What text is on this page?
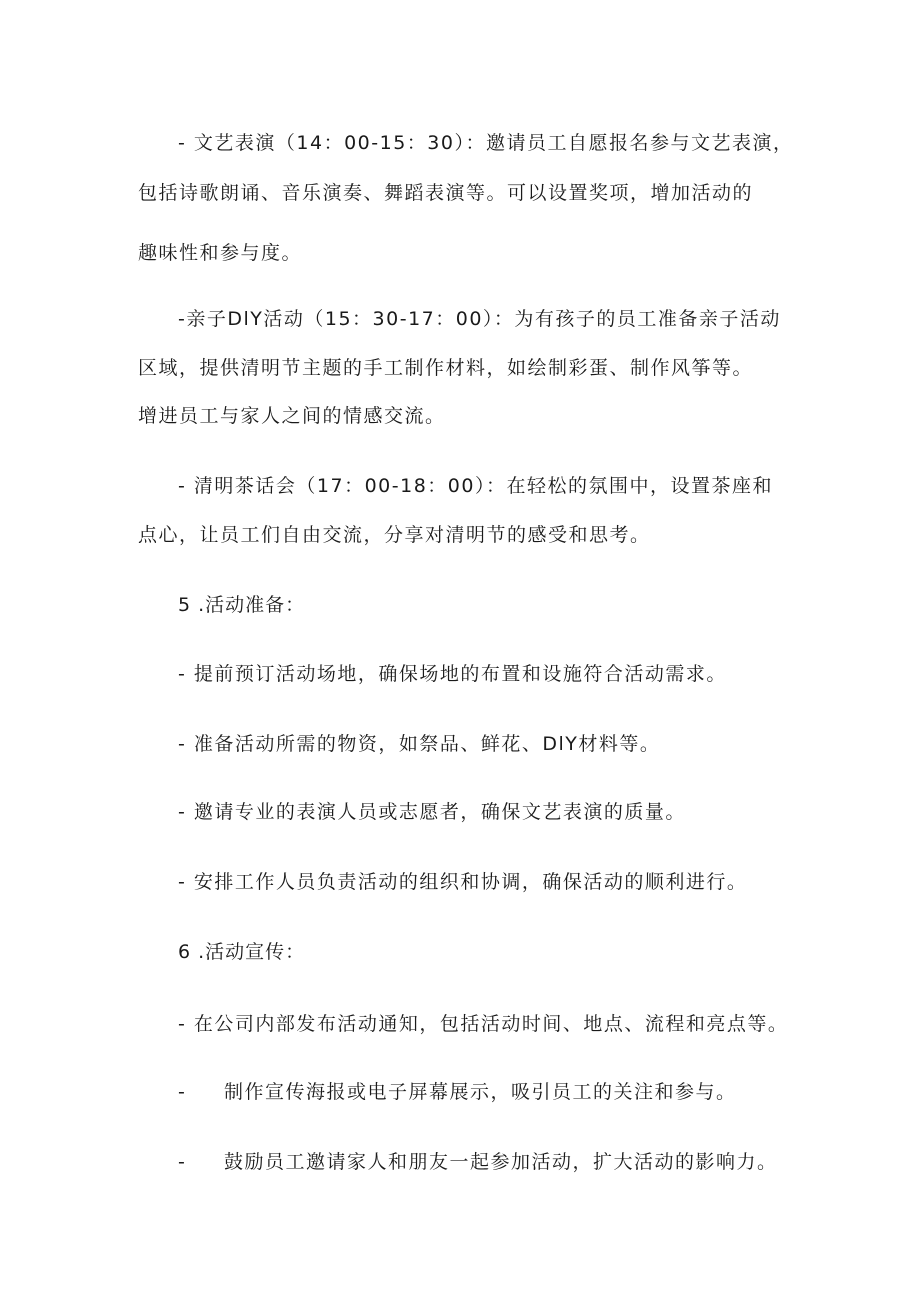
- 文艺表演（14：00-15：30）：邀请员工自愿报名参与文艺表演，
包括诗歌朗诵、音乐演奏、舞蹈表演等。可以设置奖项，增加活动的
趣味性和参与度。
-亲子DlY活动（15：30-17：00）：为有孩子的员工准备亲子活动
区域，提供清明节主题的手工制作材料，如绘制彩蛋、制作风筝等。
增进员工与家人之间的情感交流。
- 清明茶话会（17：00-18：00）：在轻松的氛围中，设置茶座和
点心，让员工们自由交流，分享对清明节的感受和思考。
5 .活动准备：
- 提前预订活动场地，确保场地的布置和设施符合活动需求。
- 准备活动所需的物资，如祭品、鲜花、DlY材料等。
- 邀请专业的表演人员或志愿者，确保文艺表演的质量。
- 安排工作人员负责活动的组织和协调，确保活动的顺利进行。
6 .活动宣传：
- 在公司内部发布活动通知，包括活动时间、地点、流程和亮点等。
-     制作宣传海报或电子屏幕展示，吸引员工的关注和参与。
-     鼓励员工邀请家人和朋友一起参加活动，扩大活动的影响力。
